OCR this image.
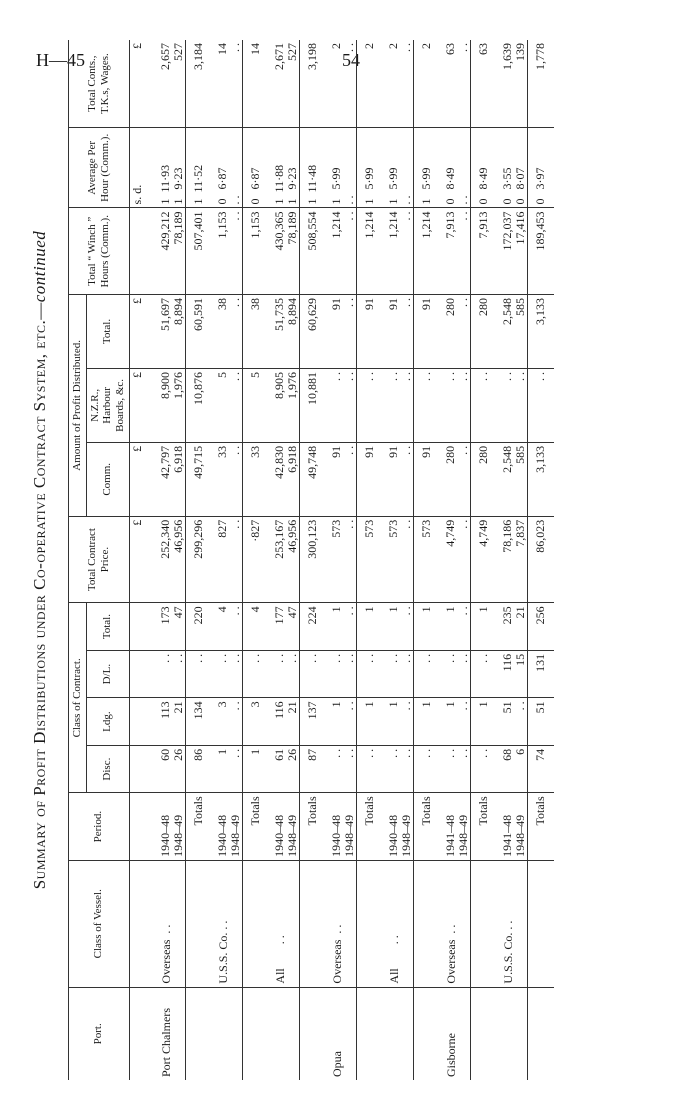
H—45	54
Summary of Profit Distributions under Co-operative Contract System, etc.—continued
Port.	Class of Vessel.	Period.	Class of Contract.				Total Contract Price.	Amount of Profit Distributed.			Total “ Winch ” Hours (Comm.).	Average Per Hour (Comm.).	Total Conts., T.K.s, Wages.
			Disc.	Ldg.	D/L.	Total.		Comm.	N.Z.R., Harbour Boards, &c.	Total.			
							£	£	£	£		s. d.	£
Port Chalmers	Overseas  . .	1940–48 1948–49	60 26	113 21	. . . .	173 47	252,340 46,956	42,797 6,918	8,900 1,976	51,697 8,894	429,212 78,189	1  11·93 1   9·23	2,657 527

		Totals	86	134	. .	220	299,296	49,715	10,876	60,591	507,401	1  11·52	3,184
	U.S.S. Co. . .	1940–48 1948–49	1 . .	3 . .	. . . .	4 . .	827 . .	33 . .	5 . .	38 . .	1,153 . .	0   6·87 . .	14 . .

		Totals	1	3	. .	4	·827	33	5	38	1,153	0   6·87	14
	All        . .	1940–48 1948–49	61 26	116 21	. . . .	177 47	253,167 46,956	42,830 6,918	8,905 1,976	51,735 8,894	430,365 78,189	1  11·88 1   9·23	2,671 527

		Totals	87	137	. .	224	300,123	49,748	10,881	60,629	508,554	1  11·48	3,198
Opua	Overseas  . .	1940–48 1948–49	. . . .	1 . .	. . . .	1 . .	573 . .	91 . .	. . . .	91 . .	1,214 . .	1   5·99 . .	2 . .

		Totals	. .	1	. .	1	573	91	. .	91	1,214	1   5·99	2
	All        . .	1940–48 1948–49	. . . .	1 . .	. . . .	1 . .	573 . .	91 . .	. . . .	91 . .	1,214 . .	1   5·99 . .	2 . .

		Totals	. .	1	. .	1	573	91	. .	91	1,214	1   5·99	2
Gisborne	Overseas  . .	1941–48 1948–49	. . . .	1 . .	. . . .	1 . .	4,749 . .	280 . .	. . . .	280 . .	7,913 . .	0   8·49 . .	63 . .

		Totals	. .	1	. .	1	4,749	280	. .	280	7,913	0   8·49	63
	U.S.S. Co. . .	1941–48 1948–49	68 6	51 . .	116 15	235 21	78,186 7,837	2,548 585	. . . .	2,548 585	172,037 17,416	0   3·55 0   8·07	1,639 139

		Totals	74	51	131	256	86,023	3,133	. .	3,133	189,453	0   3·97	1,778
